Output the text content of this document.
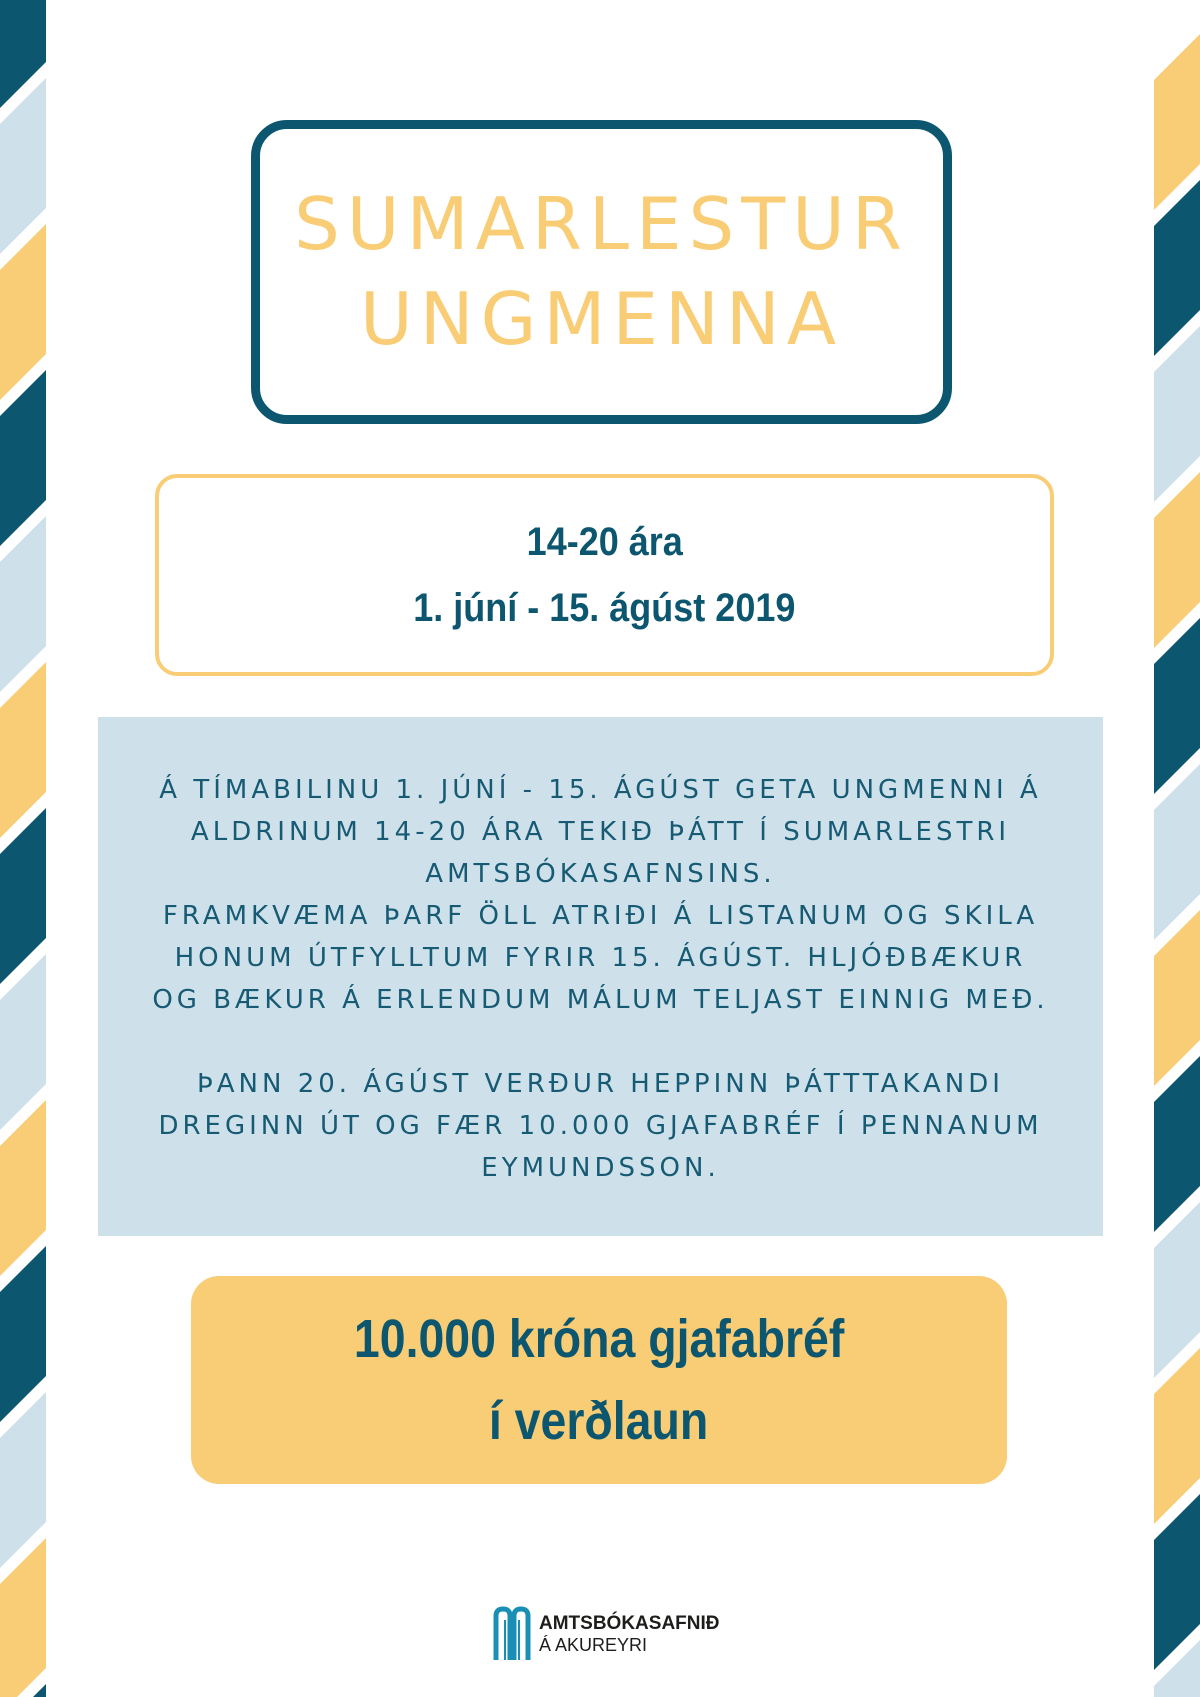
SUMARLESTUR
UNGMENNA
14-20 ára
1. júní - 15. ágúst 2019
Á TÍMABILINU 1. JÚNÍ - 15. ÁGÚST GETA UNGMENNI Á
ALDRINUM 14-20 ÁRA TEKIÐ ÞÁTT Í SUMARLESTRI
AMTSBÓKASAFNSINS.
FRAMKVÆMA ÞARF ÖLL ATRIÐI Á LISTANUM OG SKILA
HONUM ÚTFYLLTUM FYRIR 15. ÁGÚST. HLJÓÐBÆKUR
OG BÆKUR Á ERLENDUM MÁLUM TELJAST EINNIG MEÐ.
ÞANN 20. ÁGÚST VERÐUR HEPPINN ÞÁTTTAKANDI
DREGINN ÚT OG FÆR 10.000 GJAFABRÉF Í PENNANUM
EYMUNDSSON.
10.000 króna gjafabréf
í verðlaun
AMTSBÓKASAFNIÐ
Á AKUREYRI
